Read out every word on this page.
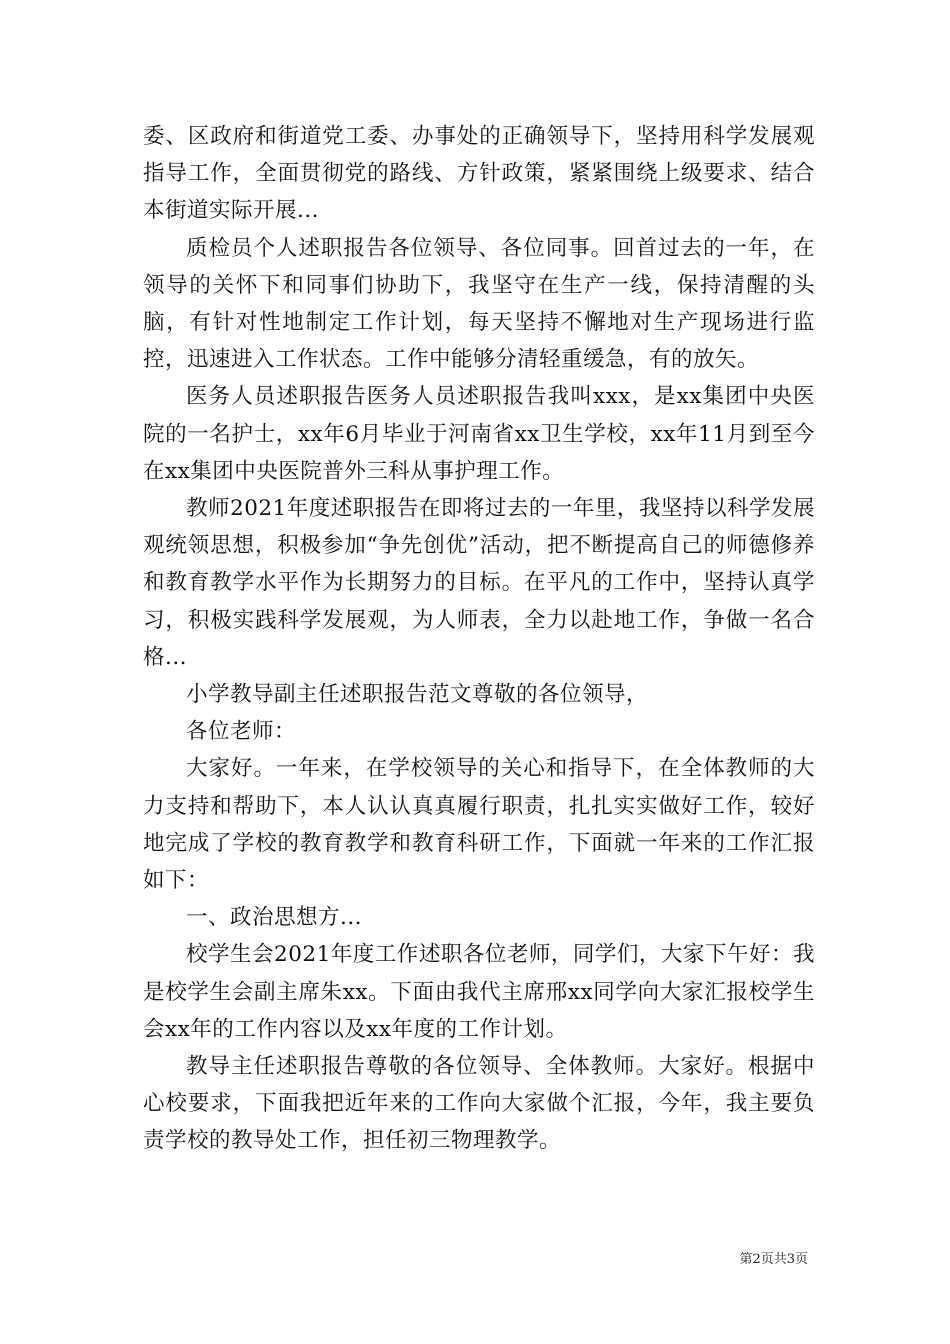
委、区政府和街道党工委、办事处的正确领导下，坚持用科学发展观指导工作，全面贯彻党的路线、方针政策，紧紧围绕上级要求、结合本街道实际开展...

质检员个人述职报告各位领导、各位同事。回首过去的一年，在领导的关怀下和同事们协助下，我坚守在生产一线，保持清醒的头脑，有针对性地制定工作计划，每天坚持不懈地对生产现场进行监控，迅速进入工作状态。工作中能够分清轻重缓急，有的放矢。

医务人员述职报告医务人员述职报告我叫xxx，是xx集团中央医院的一名护士，xx年6月毕业于河南省xx卫生学校，xx年11月到至今在xx集团中央医院普外三科从事护理工作。

教师2021年度述职报告在即将过去的一年里，我坚持以科学发展观统领思想，积极参加“争先创优”活动，把不断提高自己的师德修养和教育教学水平作为长期努力的目标。在平凡的工作中，坚持认真学习，积极实践科学发展观，为人师表，全力以赴地工作，争做一名合格...

小学教导副主任述职报告范文尊敬的各位领导，

各位老师：

大家好。一年来，在学校领导的关心和指导下，在全体教师的大力支持和帮助下，本人认认真真履行职责，扎扎实实做好工作，较好地完成了学校的教育教学和教育科研工作，下面就一年来的工作汇报如下：

一、政治思想方...

校学生会2021年度工作述职各位老师，同学们，大家下午好：我是校学生会副主席朱xx。下面由我代主席邢xx同学向大家汇报校学生会xx年的工作内容以及xx年度的工作计划。

教导主任述职报告尊敬的各位领导、全体教师。大家好。根据中心校要求，下面我把近年来的工作向大家做个汇报，今年，我主要负责学校的教导处工作，担任初三物理教学。

第2页共3页
